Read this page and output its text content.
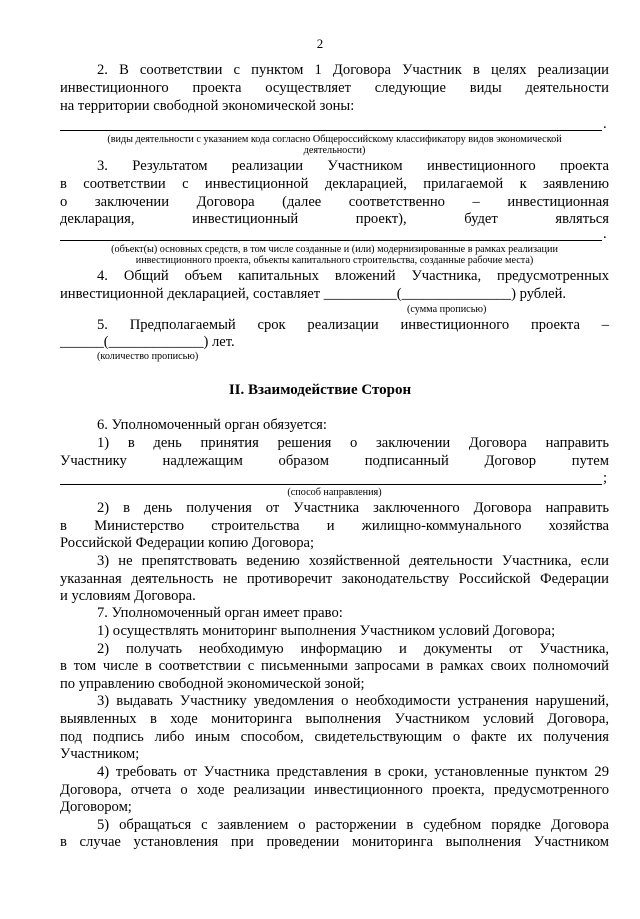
2
2. В соответствии с пунктом 1 Договора Участник в целях реализации
инвестиционного проекта осуществляет следующие виды деятельности
на территории свободной экономической зоны:
.
(виды деятельности с указанием кода согласно Общероссийскому классификатору видов экономической
деятельности)
3. Результатом реализации Участником инвестиционного проекта
в соответствии с инвестиционной декларацией, прилагаемой к заявлению
о заключении Договора (далее соответственно – инвестиционная
декларация, инвестиционный проект), будет являться
.
(объект(ы) основных средств, в том числе созданные и (или) модернизированные в рамках реализации
инвестиционного проекта, объекты капитального строительства, созданные рабочие места)
4. Общий объем капитальных вложений Участника, предусмотренных
инвестиционной декларацией, составляет __________(_______________) рублей.
(сумма прописью)
5. Предполагаемый срок реализации инвестиционного проекта –
______(_____________) лет.
(количество прописью)
II. Взаимодействие Сторон
6. Уполномоченный орган обязуется:
1) в день принятия решения о заключении Договора направить
Участнику надлежащим образом подписанный Договор путем
;
(способ направления)
2) в день получения от Участника заключенного Договора направить
в Министерство строительства и жилищно-коммунального хозяйства
Российской Федерации копию Договора;
3) не препятствовать ведению хозяйственной деятельности Участника, если
указанная деятельность не противоречит законодательству Российской Федерации
и условиям Договора.
7. Уполномоченный орган имеет право:
1) осуществлять мониторинг выполнения Участником условий Договора;
2) получать необходимую информацию и документы от Участника,
в том числе в соответствии с письменными запросами в рамках своих полномочий
по управлению свободной экономической зоной;
3) выдавать Участнику уведомления о необходимости устранения нарушений,
выявленных в ходе мониторинга выполнения Участником условий Договора,
под подпись либо иным способом, свидетельствующим о факте их получения
Участником;
4) требовать от Участника представления в сроки, установленные пунктом 29
Договора, отчета о ходе реализации инвестиционного проекта, предусмотренного
Договором;
5) обращаться с заявлением о расторжении в судебном порядке Договора
в случае установления при проведении мониторинга выполнения Участником
